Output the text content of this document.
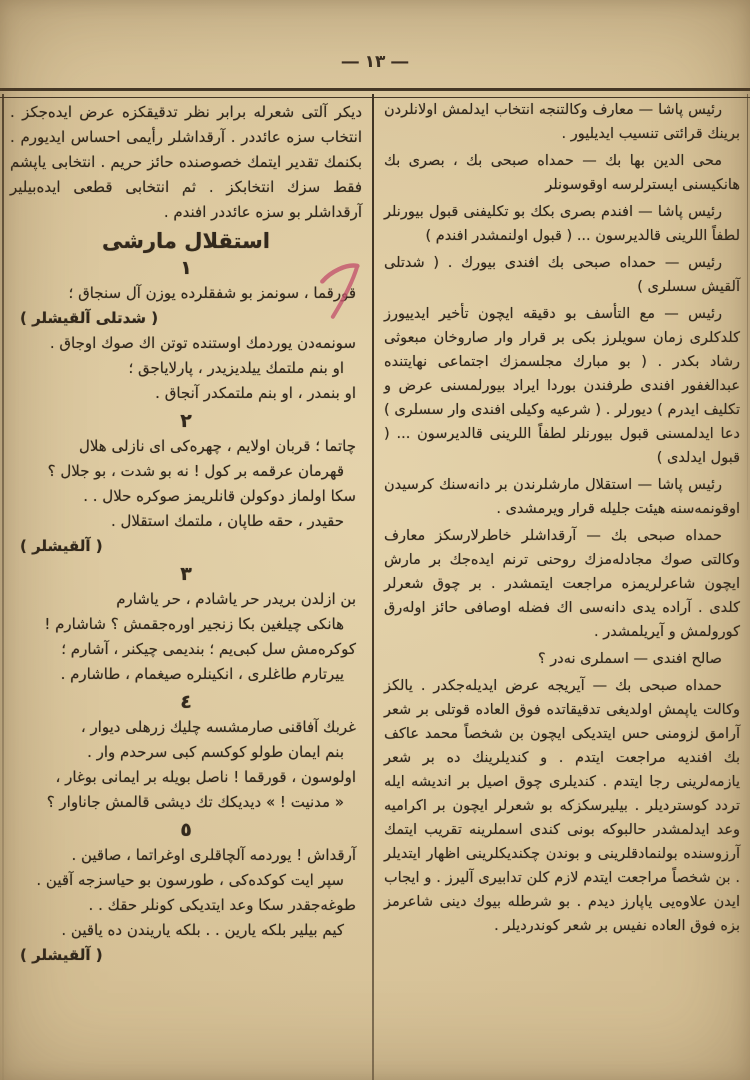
― ١٣ ―

ديكر آلتى شعرله برابر نظر تدقيقكزه عرض ايده‌جكز . انتخاب سزه عائددر . آرقداشلر رأيمى احساس ايديورم . بكنمك تقدير ايتمك خصوصنده حائز حريم . انتخابى ياپشم فقط سزك انتخابكز . ثم انتخابى قطعى ايده‌بيلير آرقداشلر بو سزه عائددر افندم .

استقلال مارشى
١
قورقما ، سونمز بو شفقلرده يوزن آل سنجاق ؛
( شدتلى آلقيشلر )
سونمه‌دن يوردمك اوستنده توتن اك صوك اوجاق .
او بنم ملتمك ييلديزيدر ، پارلاياجق ؛
او بنمدر ، او بنم ملتمكدر آنجاق .
٢
چاتما ؛ قربان اولايم ، چهره‌كى اى نازلى هلال
قهرمان عرقمه بر كول ! نه بو شدت ، بو جلال ؟
سكا اولماز دوكولن قانلريمز صوكره حلال . .
حقيدر ، حقه طاپان ، ملتمك استقلال .
( آلقيشلر )
٣
بن ازلدن بريدر حر ياشادم ، حر ياشارم
هانكى چيلغين بكا زنجير اوره‌جقمش ؟ شاشارم !
كوكره‌مش سل كبى‌يم ؛ بنديمى چيكنر ، آشارم ؛
ييرتارم طاغلرى ، انكينلره صيغمام ، طاشارم .
٤
غربك آفاقنى صارمشسه چليك زرهلى ديوار ،
بنم ايمان طولو كوكسم كبى سرحدم وار .
اولوسون ، قورقما ! ناصل بويله بر ايمانى بوغار ،
« مدنيت ! » ديديكك تك ديشى قالمش جاناوار ؟
٥
آرقداش ! يوردمه آلچاقلرى اوغراتما ، صاقين .
سپر ايت كوكده‌كى ، طورسون بو حياسزجه آقين .
طوغه‌جقدر سكا وعد ايتديكى كونلر حقك . .
كيم بيلير بلكه يارين . . بلكه ياريندن ده ياقين .
( آلقيشلر )

رئيس پاشا — معارف وكالتنجه انتخاب ايدلمش اولانلردن برينك قرائتى تنسيب ايديليور .

محى الدين بها بك — حمداه صبحى بك ، بصرى بك هانكيسنى ايسترلرسه اوقوسونلر

رئيس پاشا — افندم بصرى بكك بو تكليفنى قبول بيورنلر لطفاً اللرينى قالديرسون ... ( قبول اولنمشدر افندم )

رئيس — حمداه صبحى بك افندى بيورك . ( شدتلى آلقيش سسلرى )

رئيس — مع التأسف بو دقيقه ايچون تأخير ايدييورز كلدكلرى زمان سويلرز بكى بر قرار وار صاروخان مبعوثى رشاد بكدر . ( بو مبارك مجلسمزك اجتماعى نهايتنده عبدالغفور افندى طرفندن بوردا ايراد بيورلمسنى عرض و تكليف ايدرم ) ديورلر . ( شرعيه وكيلى افندى وار سسلرى ) دعا ايدلمسنى قبول بيورنلر لطفاً اللرينى قالديرسون ... ( قبول ايدلدى )

رئيس پاشا — استقلال مارشلرندن بر دانه‌سنك كرسيدن اوقونمه‌سنه هيئت جليله قرار ويرمشدى .

حمداه صبحى بك — آرقداشلر خاطرلارسكز معارف وكالتى صوك مجادله‌مزك روحنى ترنم ايده‌جك بر مارش ايچون شاعرلريمزه مراجعت ايتمشدر . بر چوق شعرلر كلدى . آراده يدى دانه‌سى اك فضله اوصافى حائز اوله‌رق كورولمش و آيريلمشدر .

صالح افندى — اسملرى نه‌در ؟

حمداه صبحى بك — آيريجه عرض ايديله‌جكدر . يالكز وكالت ياپمش اولديغى تدقيقاتده فوق العاده قوتلى بر شعر آرامق لزومنى حس ايتديكى ايچون بن شخصاً محمد عاكف بك افنديه مراجعت ايتدم . و كنديلرينك ده بر شعر يازمه‌لرينى رجا ايتدم . كنديلرى چوق اصيل بر انديشه ايله تردد كوسترديلر . بيليرسكزكه بو شعرلر ايچون بر اكراميه وعد ايدلمشدر حالبوكه بونى كندى اسملرينه تقريب ايتمك آرزوسنده بولنمادقلرينى و بوندن چكنديكلرينى اظهار ايتديلر . بن شخصاً مراجعت ايتدم لازم كلن تدابيرى آليرز . و ايجاب ايدن علاوه‌يى ياپارز ديدم . بو شرطله بيوك دينى شاعرمز بزه فوق العاده نفيس بر شعر كوندرديلر .
